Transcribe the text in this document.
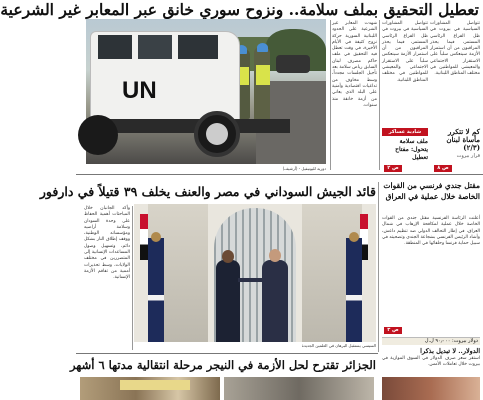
تعطيل التحقيق بملف سلامة.. ونزوح سوري خانق عبر المعابر غير الشرعية
UN
دورية لليونيفيل - (أرشيف)
شهدت المعابر غير الشرعية على الحدود اللبنانية السورية حركة نزوح كثيفة في الأيام الأخيرة، في وقت تعطل فيه التحقيق في ملف حاكم مصرف لبنان السابق رياض سلامة بعد تأجيل الجلسات مجدداً، وسط مخاوف من تداعيات اقتصادية وأمنية على البلد الذي يعاني من أزمة خانقة منذ سنوات.
تتواصل المشاورات السياسية في بيروت في ظل الفراغ الرئاسي المستمر، فيما يحذر المراقبون من أن استمرار الأزمة سينعكس سلباً على الاستقرار الاجتماعي والمعيشي للمواطنين في مختلف المناطق اللبنانية.
تتواصل المشاورات السياسية في بيروت في ظل الفراغ الرئاسي المستمر، فيما يحذر المراقبون من أن استمرار الأزمة سينعكس سلباً على الاستقرار الاجتماعي والمعيشي للمواطنين في مختلف المناطق اللبنانية.
كم لا تتكرر مأساة لبنان (٢/٣)
قرار بيروت
ص ٨
شادية عساكر
ملف سلامة يتحول: مفتاح تعطيل
ص ٢
قائد الجيش السوداني في مصر والعنف يخلف ٣٩ قتيلاً في دارفور
السيسي يستقبل البرهان في العلمين الجديدة
وأكد الجانبان خلال المباحثات أهمية الحفاظ على وحدة السودان وسلامة أراضيه ومؤسساته الوطنية، ووقف إطلاق النار بشكل دائم، وتسهيل وصول المساعدات الإنسانية إلى المتضررين في مختلف الولايات، وسط تحذيرات أممية من تفاقم الأزمة الإنسانية.
مقتل جندي فرنسي من القوات الخاصة خلال عملية في العراق
أعلنت الرئاسة الفرنسية مقتل جندي من القوات الخاصة خلال عملية لمكافحة الإرهاب في شمال العراق، في إطار التحالف الدولي ضد تنظيم داعش، وأشاد الرئيس الفرنسي بشجاعة الجندي وتضحيته في سبيل حماية فرنسا وحلفائها في المنطقة.
ص ٣
دولار بيروت: ٩٠٫٠٠٠ ل.ل
الدولار.. لا تبديل بذكرا
استقر سعر صرف الدولار في السوق الموازية في بيروت خلال تعاملات الأمس.
الجزائر تقترح لحل الأزمة في النيجر مرحلة انتقالية مدتها ٦ أشهر
